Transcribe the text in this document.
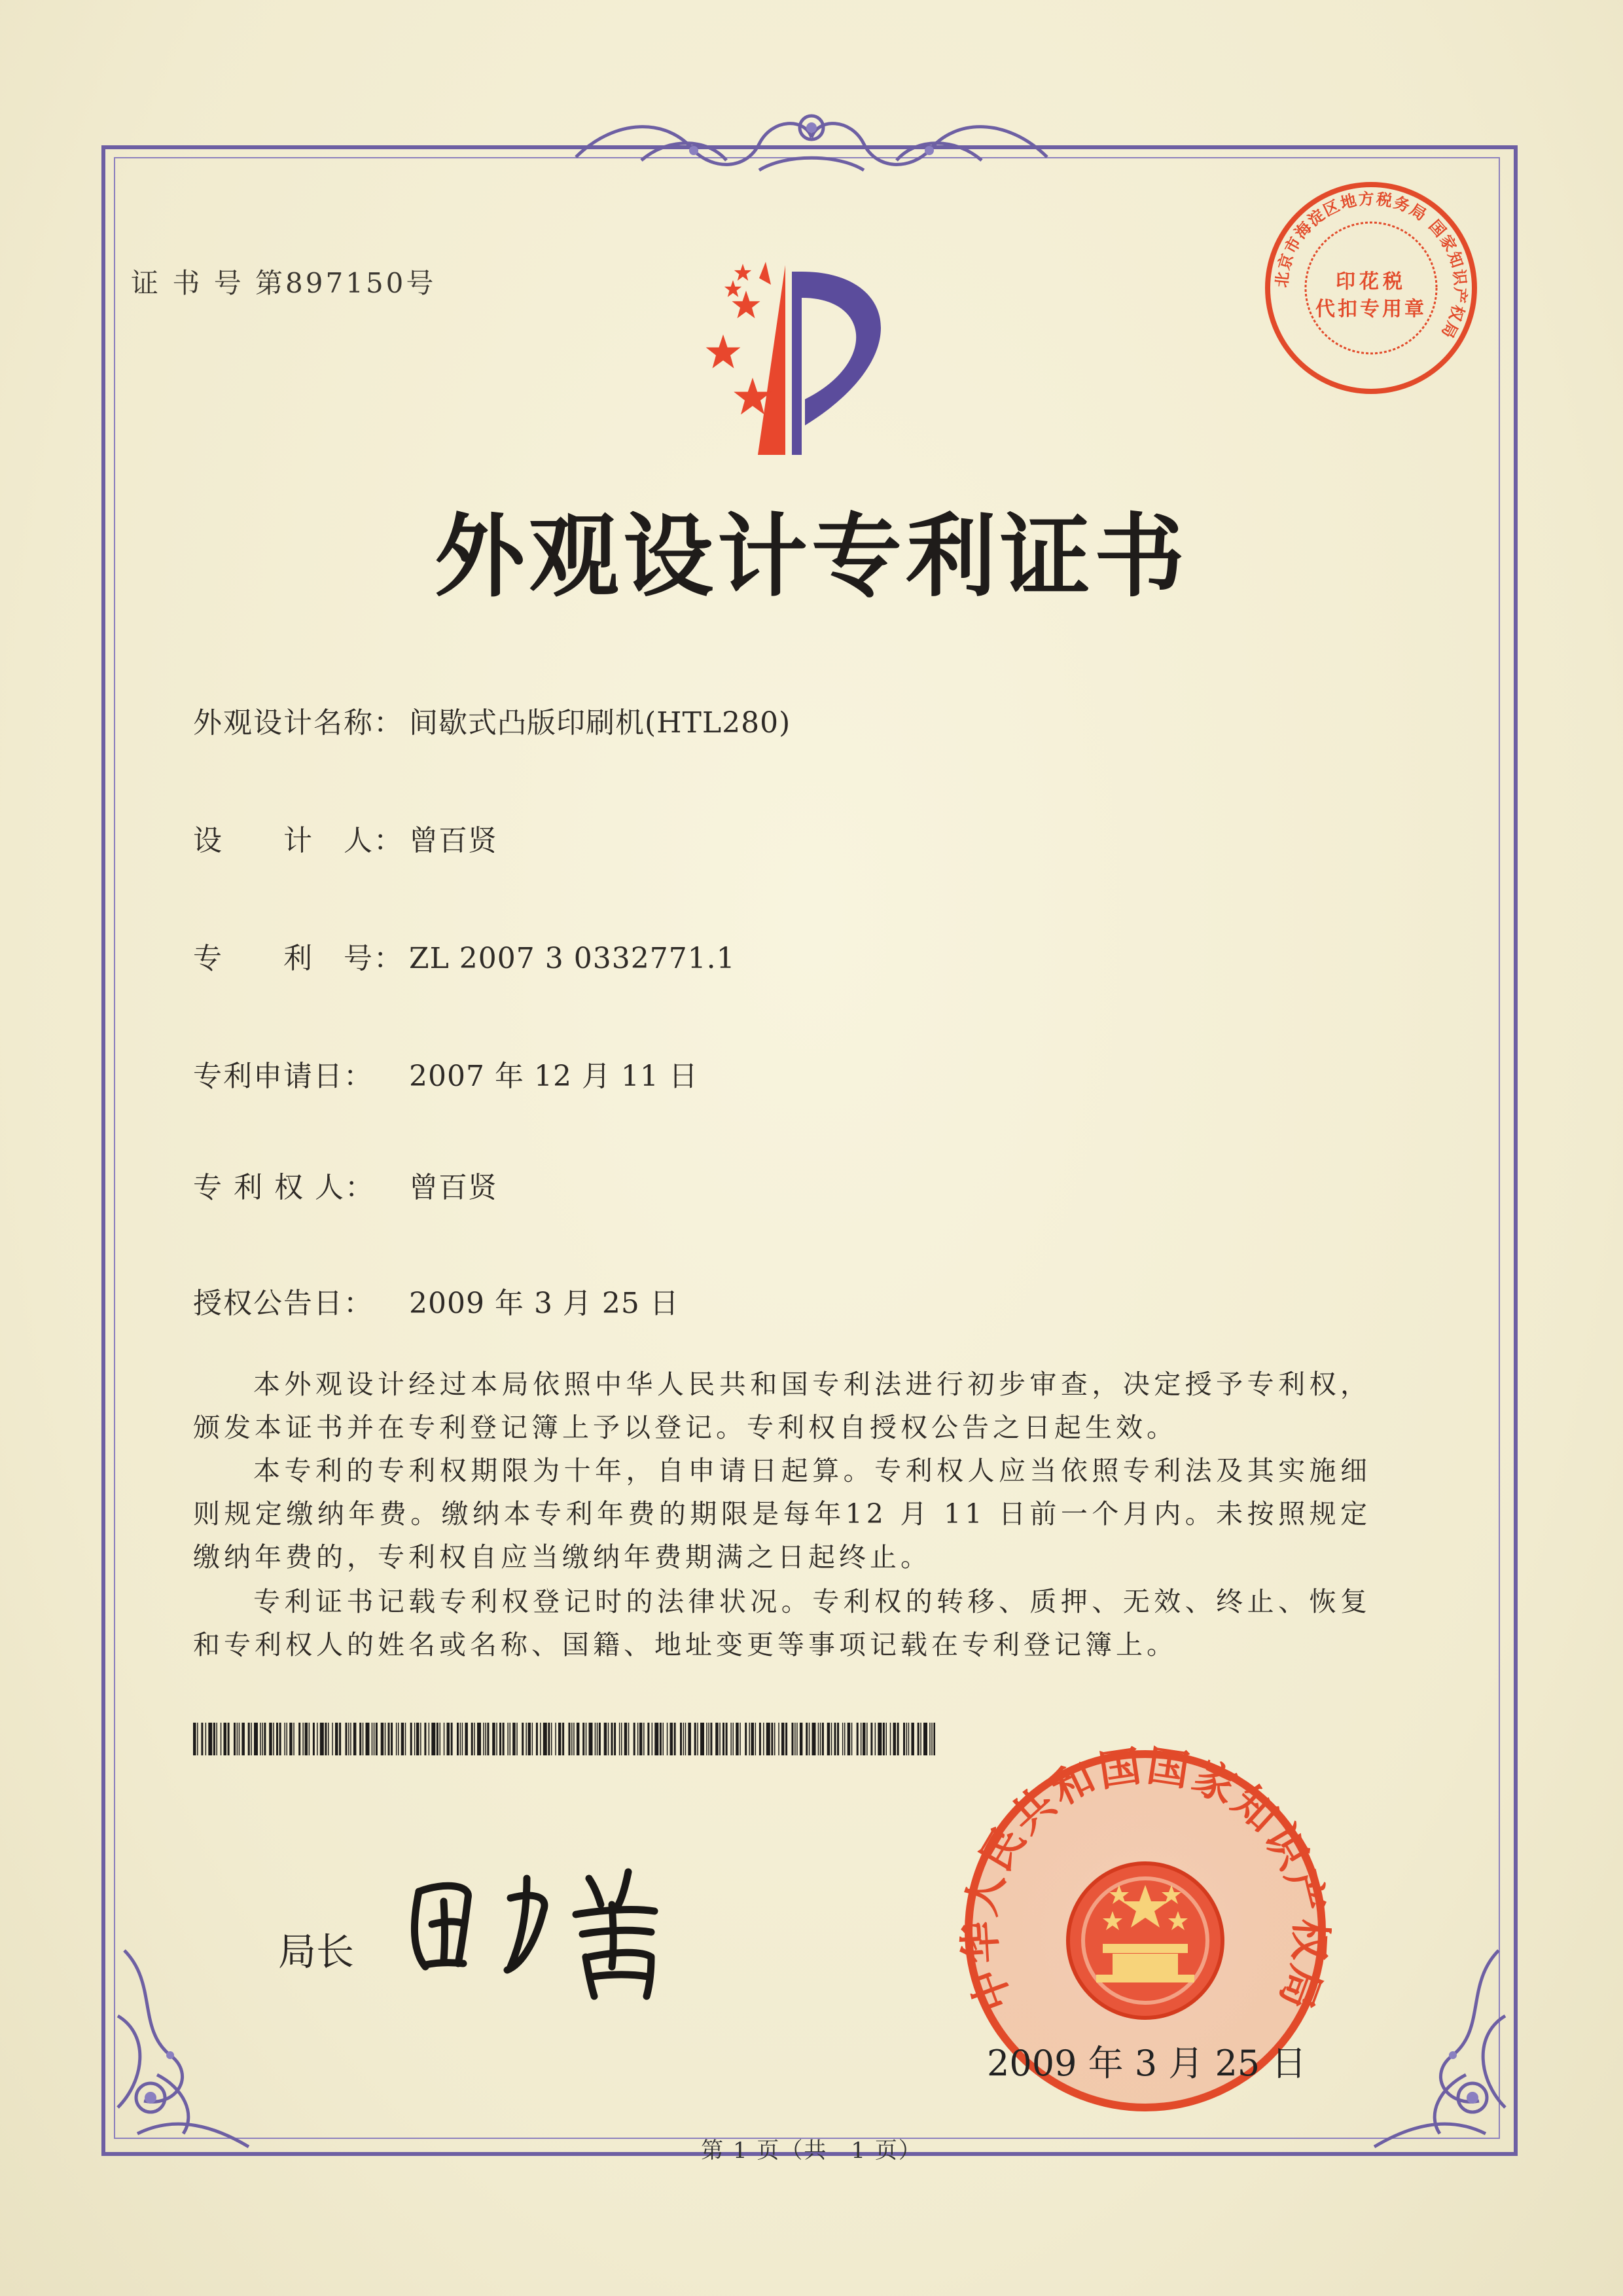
证 书 号 第897150号
外观设计专利证书
外观设计名称： 间歇式凸版印刷机(HTL280)
设　　计　人： 曾百贤
专　　利　号： ZL 2007 3 0332771.1
专利申请日： 2007 年 12 月 11 日
专 利 权 人： 曾百贤
授权公告日： 2009 年 3 月 25 日
本外观设计经过本局依照中华人民共和国专利法进行初步审查，决定授予专利权，颁发本证书并在专利登记簿上予以登记。专利权自授权公告之日起生效。
本专利的专利权期限为十年，自申请日起算。专利权人应当依照专利法及其实施细则规定缴纳年费。缴纳本专利年费的期限是每年12 月 11 日前一个月内。未按照规定缴纳年费的，专利权自应当缴纳年费期满之日起终止。
专利证书记载专利权登记时的法律状况。专利权的转移、质押、无效、终止、恢复和专利权人的姓名或名称、国籍、地址变更等事项记载在专利登记簿上。
局长
北京市海淀区地方税务局 国家知识产权局
印花税
代扣专用章
中华人民共和国国家知识产权局
2009 年 3 月 25 日
第 1 页（共　1 页）
